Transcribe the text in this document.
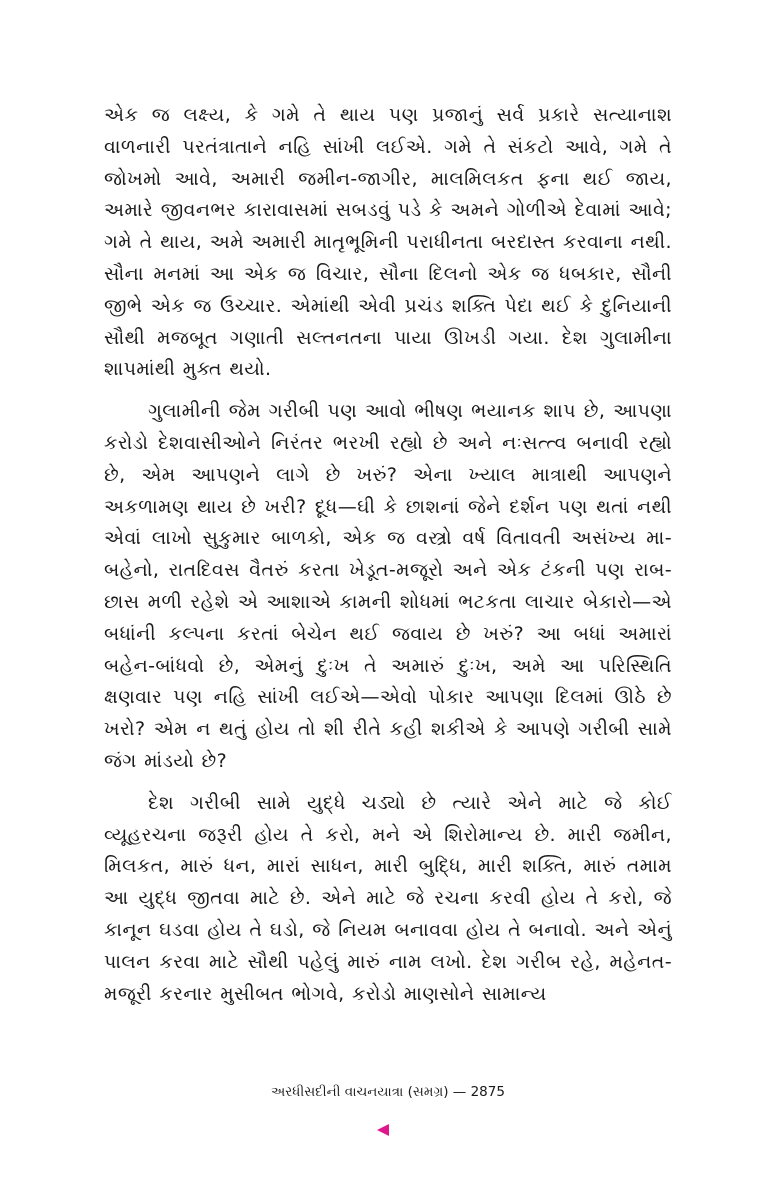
એક જ લક્ષ્ય, કે ગમે તે થાય પણ પ્રજાનું સર્વ પ્રકારે સત્યાનાશ વાળનારી પરતંત્રાતાને નહિ સાંખી લઈએ. ગમે તે સંકટો આવે, ગમે તે જોખમો આવે, અમારી જમીન-જાગીર, માલમિલકત ફના થઈ જાય, અમારે જીવનભર કારાવાસમાં સબડવું પડે કે અમને ગોળીએ દેવામાં આવે; ગમે તે થાય, અમે અમારી માતૃભૂમિની પરાધીનતા બરદાસ્ત કરવાના નથી. સૌના મનમાં આ એક જ વિચાર, સૌના દિલનો એક જ ધબકાર, સૌની જીભે એક જ ઉચ્ચાર. એમાંથી એવી પ્રચંડ શક્તિ પેદા થઈ કે દુનિયાની સૌથી મજબૂત ગણાતી સલ્તનતના પાયા ઊખડી ગયા. દેશ ગુલામીના શાપમાંથી મુક્ત થયો.

ગુલામીની જેમ ગરીબી પણ આવો ભીષણ ભયાનક શાપ છે, આપણા કરોડો દેશવાસીઓને નિરંતર ભરખી રહ્યો છે અને નઃસત્ત્વ બનાવી રહ્યો છે, એમ આપણને લાગે છે ખરું? એના ખ્યાલ માત્રાથી આપણને અકળામણ થાય છે ખરી? દૂધ—ઘી કે છાશનાં જેને દર્શન પણ થતાં નથી એવાં લાખો સુકુમાર બાળકો, એક જ વસ્ત્રો વર્ષ વિતાવતી અસંખ્ય મા-બહેનો, રાતદિવસ વૈતરું કરતા ખેડૂત-મજૂરો અને એક ટંકની પણ રાબ-છાસ મળી રહેશે એ આશાએ કામની શોધમાં ભટકતા લાચાર બેકારો—એ બધાંની કલ્પના કરતાં બેચેન થઈ જવાય છે ખરું? આ બધાં અમારાં બહેન-બાંધવો છે, એમનું દુઃખ તે અમારું દુઃખ, અમે આ પરિસ્થિતિ ક્ષણવાર પણ નહિ સાંખી લઈએ—એવો પોકાર આપણા દિલમાં ઊઠે છે ખરો? એમ ન થતું હોય તો શી રીતે કહી શકીએ કે આપણે ગરીબી સામે જંગ માંડયો છે?

દેશ ગરીબી સામે યુદ્ધે ચડ્યો છે ત્યારે એને માટે જે કોઈ વ્યૂહરચના જરૂરી હોય તે કરો, મને એ શિરોમાન્ય છે. મારી જમીન, મિલકત, મારું ધન, મારાં સાધન, મારી બુદ્ધિ, મારી શક્તિ, મારું તમામ આ યુદ્ધ જીતવા માટે છે. એને માટે જે રચના કરવી હોય તે કરો, જે કાનૂન ઘડવા હોય તે ઘડો, જે નિયમ બનાવવા હોય તે બનાવો. અને એનું પાલન કરવા માટે સૌથી પહેલું મારું નામ લખો. દેશ ગરીબ રહે, મહેનત-મજૂરી કરનાર મુસીબત ભોગવે, કરોડો માણસોને સામાન્ય

અરધીસદીની વાચનયાત્રા (સમગ્ર) — 2875
